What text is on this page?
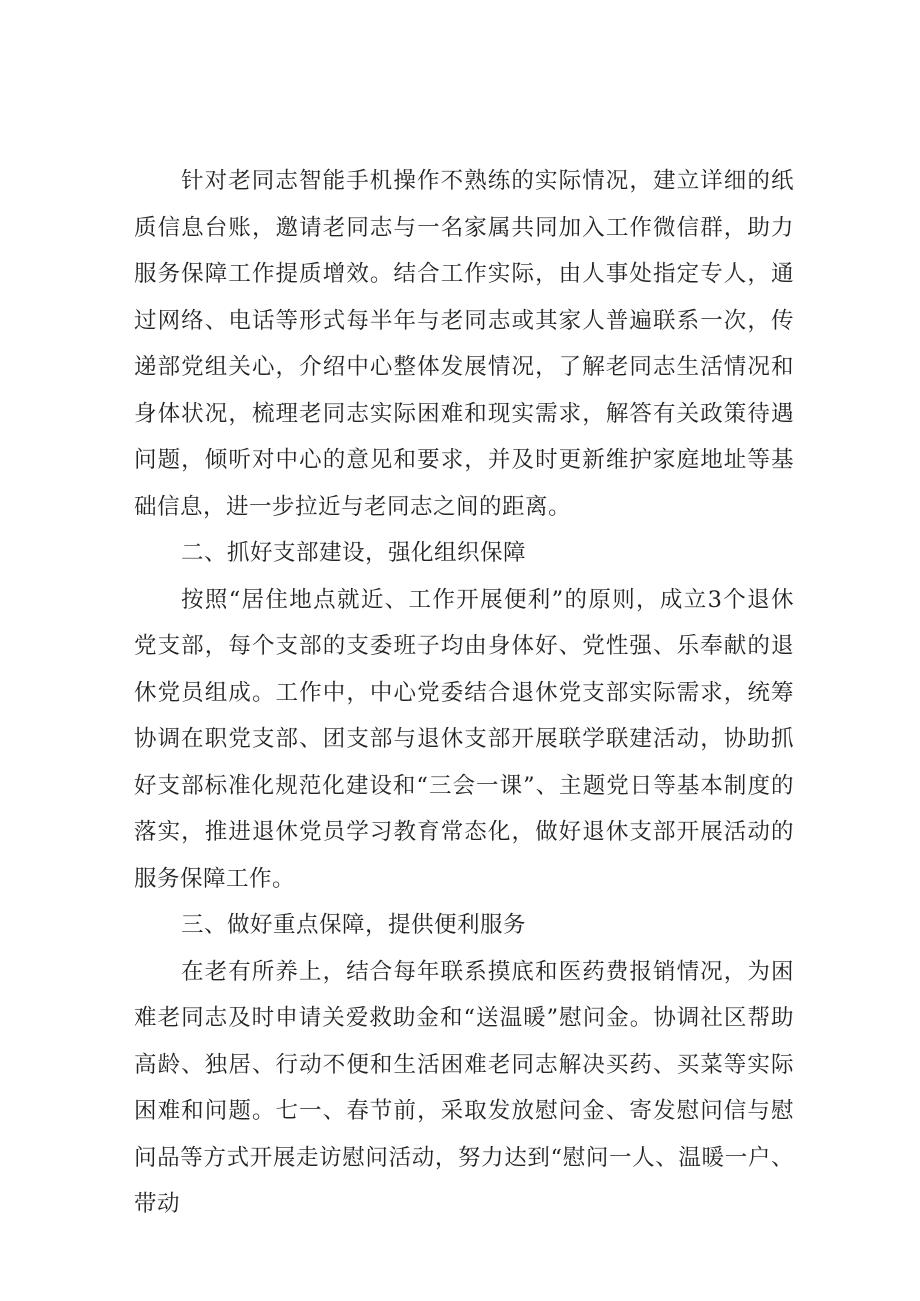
针对老同志智能手机操作不熟练的实际情况，建立详细的纸质信息台账，邀请老同志与一名家属共同加入工作微信群，助力服务保障工作提质增效。结合工作实际，由人事处指定专人，通过网络、电话等形式每半年与老同志或其家人普遍联系一次，传递部党组关心，介绍中心整体发展情况，了解老同志生活情况和身体状况，梳理老同志实际困难和现实需求，解答有关政策待遇问题，倾听对中心的意见和要求，并及时更新维护家庭地址等基础信息，进一步拉近与老同志之间的距离。

二、抓好支部建设，强化组织保障

按照“居住地点就近、工作开展便利”的原则，成立3个退休党支部，每个支部的支委班子均由身体好、党性强、乐奉献的退休党员组成。工作中，中心党委结合退休党支部实际需求，统筹协调在职党支部、团支部与退休支部开展联学联建活动，协助抓好支部标准化规范化建设和“三会一课”、主题党日等基本制度的落实，推进退休党员学习教育常态化，做好退休支部开展活动的服务保障工作。

三、做好重点保障，提供便利服务

在老有所养上，结合每年联系摸底和医药费报销情况，为困难老同志及时申请关爱救助金和“送温暖”慰问金。协调社区帮助高龄、独居、行动不便和生活困难老同志解决买药、买菜等实际困难和问题。七一、春节前，采取发放慰问金、寄发慰问信与慰问品等方式开展走访慰问活动，努力达到“慰问一人、温暖一户、带动
